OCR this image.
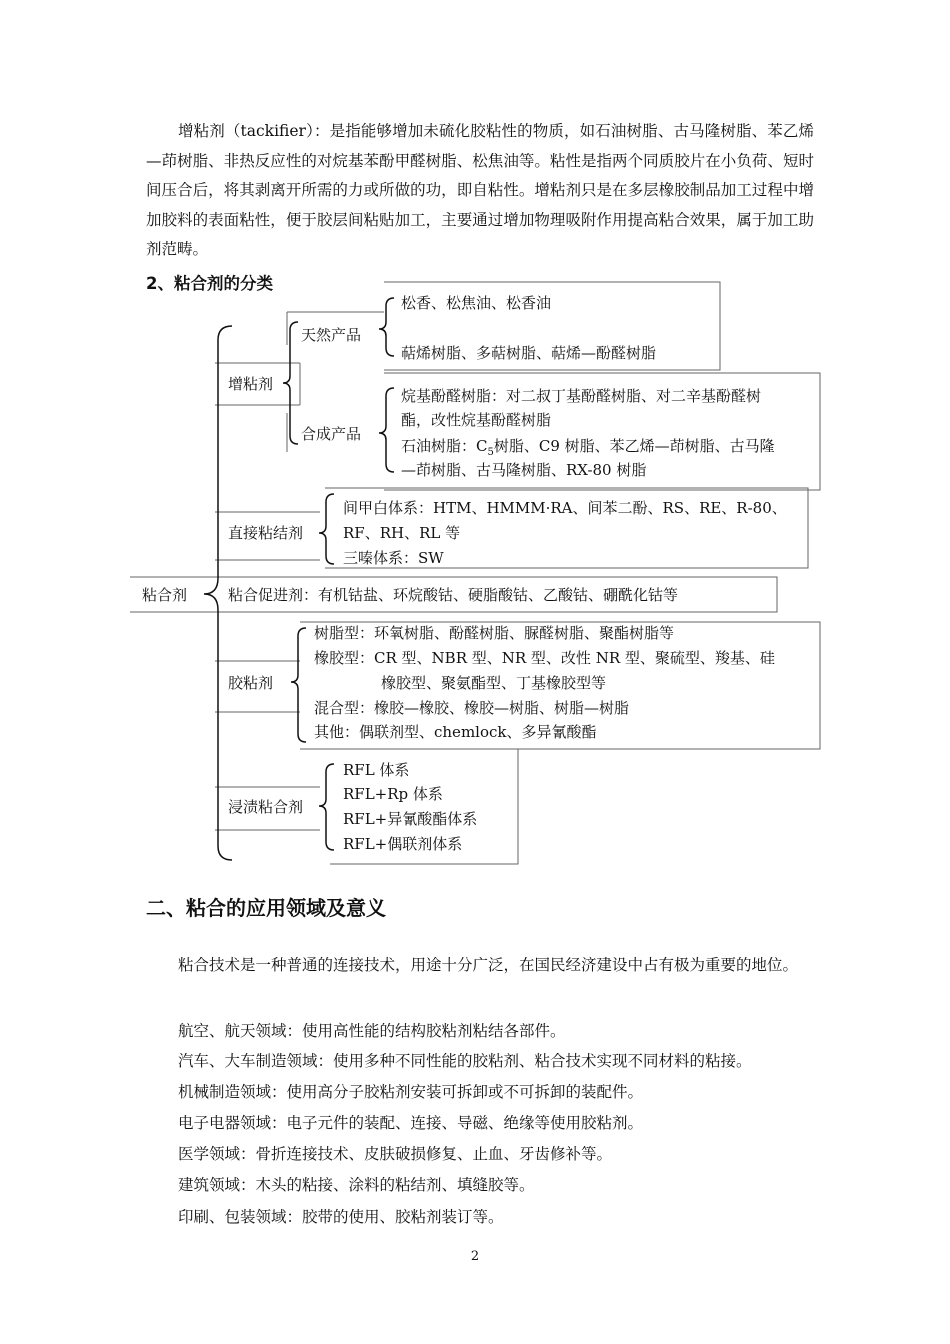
增粘剂（tackifier）：是指能够增加未硫化胶粘性的物质，如石油树脂、古马隆树脂、苯乙烯—茚树脂、非热反应性的对烷基苯酚甲醛树脂、松焦油等。粘性是指两个同质胶片在小负荷、短时间压合后，将其剥离开所需的力或所做的功，即自粘性。增粘剂只是在多层橡胶制品加工过程中增加胶料的表面粘性，便于胶层间粘贴加工，主要通过增加物理吸附作用提高粘合效果，属于加工助剂范畴。

2、粘合剂的分类

粘合剂
增粘剂
天然产品
松香、松焦油、松香油
萜烯树脂、多萜树脂、萜烯—酚醛树脂
合成产品
烷基酚醛树脂：对二叔丁基酚醛树脂、对二辛基酚醛树
酯，改性烷基酚醛树脂
石油树脂：$C_5$树脂、C9 树脂、苯乙烯—茚树脂、古马隆
—茚树脂、古马隆树脂、RX-80 树脂
直接粘结剂
间甲白体系：HTM、HMMM·RA、间苯二酚、RS、RE、R-80、
RF、RH、RL 等
三嗪体系：SW
粘合促进剂：有机钴盐、环烷酸钴、硬脂酸钴、乙酸钴、硼酰化钴等
胶粘剂
树脂型：环氧树脂、酚醛树脂、脲醛树脂、聚酯树脂等
橡胶型：CR 型、NBR 型、NR 型、改性 NR 型、聚硫型、羧基、硅
橡胶型、聚氨酯型、丁基橡胶型等
混合型：橡胶—橡胶、橡胶—树脂、树脂—树脂
其他：偶联剂型、chemlock、多异氰酸酯
浸渍粘合剂
RFL 体系
RFL+Rp 体系
RFL+异氰酸酯体系
RFL+偶联剂体系

二、粘合的应用领域及意义

粘合技术是一种普通的连接技术，用途十分广泛，在国民经济建设中占有极为重要的地位。

航空、航天领域：使用高性能的结构胶粘剂粘结各部件。

汽车、大车制造领域：使用多种不同性能的胶粘剂、粘合技术实现不同材料的粘接。

机械制造领域：使用高分子胶粘剂安装可拆卸或不可拆卸的装配件。

电子电器领域：电子元件的装配、连接、导磁、绝缘等使用胶粘剂。

医学领域：骨折连接技术、皮肤破损修复、止血、牙齿修补等。

建筑领域：木头的粘接、涂料的粘结剂、填缝胶等。

印刷、包装领域：胶带的使用、胶粘剂装订等。

2
